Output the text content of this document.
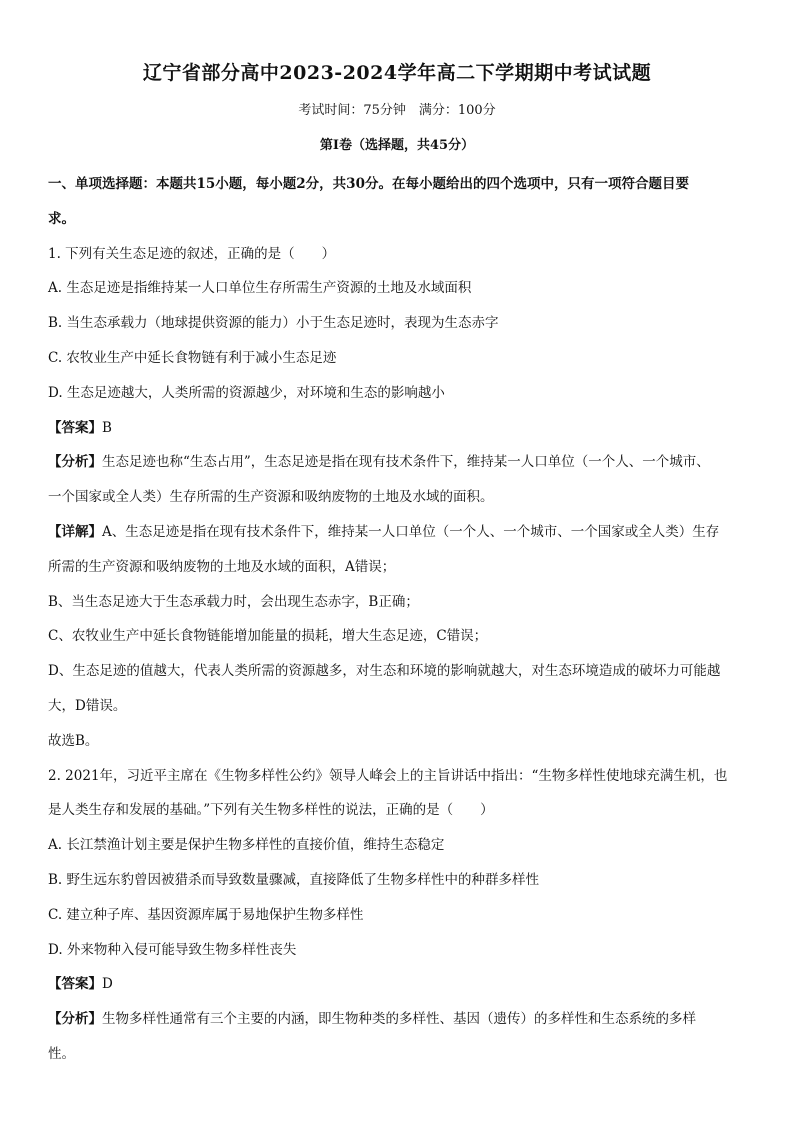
辽宁省部分高中2023-2024学年高二下学期期中考试试题
考试时间：75分钟　满分：100分
第Ⅰ卷（选择题，共45分）

一、单项选择题：本题共15小题，每小题2分，共30分。在每小题给出的四个选项中，只有一项符合题目要

求。

1. 下列有关生态足迹的叙述，正确的是（　　）

A. 生态足迹是指维持某一人口单位生存所需生产资源的土地及水域面积

B. 当生态承载力（地球提供资源的能力）小于生态足迹时，表现为生态赤字

C. 农牧业生产中延长食物链有利于减小生态足迹

D. 生态足迹越大，人类所需的资源越少，对环境和生态的影响越小

【答案】B

【分析】生态足迹也称“生态占用”，生态足迹是指在现有技术条件下，维持某一人口单位（一个人、一个城市、

一个国家或全人类）生存所需的生产资源和吸纳废物的土地及水域的面积。

【详解】A、生态足迹是指在现有技术条件下，维持某一人口单位（一个人、一个城市、一个国家或全人类）生存

所需的生产资源和吸纳废物的土地及水域的面积，A错误；

B、当生态足迹大于生态承载力时，会出现生态赤字，B正确；

C、农牧业生产中延长食物链能增加能量的损耗，增大生态足迹，C错误；

D、生态足迹的值越大，代表人类所需的资源越多，对生态和环境的影响就越大，对生态环境造成的破坏力可能越

大，D错误。

故选B。

2. 2021年，习近平主席在《生物多样性公约》领导人峰会上的主旨讲话中指出：“生物多样性使地球充满生机，也

是人类生存和发展的基础。”下列有关生物多样性的说法，正确的是（　　）

A. 长江禁渔计划主要是保护生物多样性的直接价值，维持生态稳定

B. 野生远东豹曾因被猎杀而导致数量骤减，直接降低了生物多样性中的种群多样性

C. 建立种子库、基因资源库属于易地保护生物多样性

D. 外来物种入侵可能导致生物多样性丧失

【答案】D

【分析】生物多样性通常有三个主要的内涵，即生物种类的多样性、基因（遗传）的多样性和生态系统的多样

性。
